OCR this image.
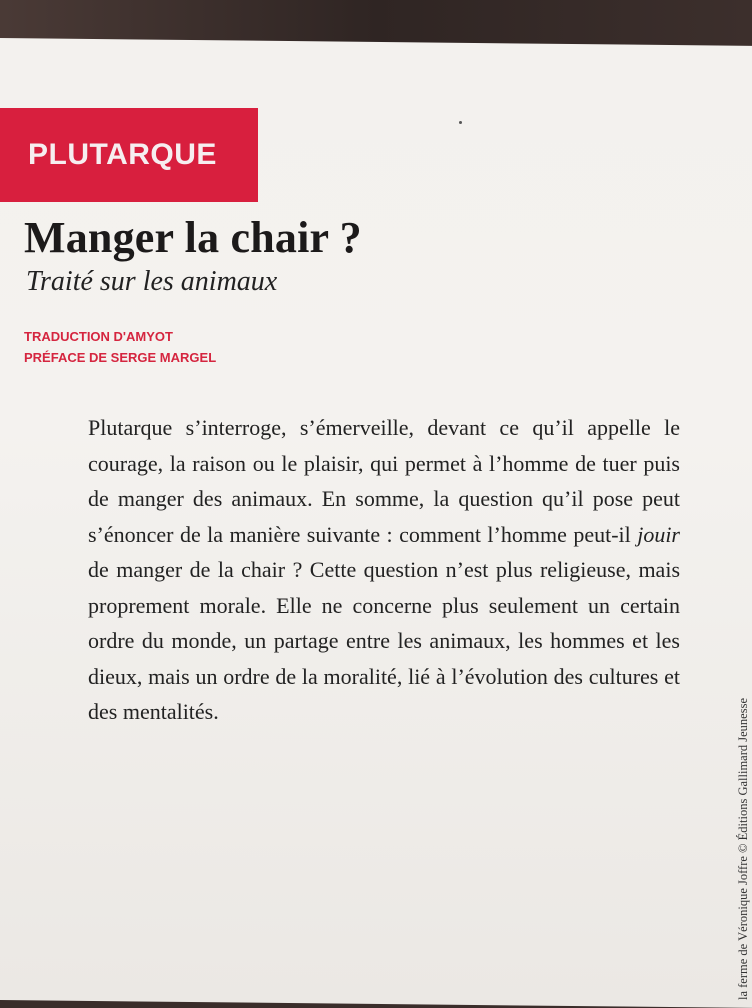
PLUTARQUE
Manger la chair ?
Traité sur les animaux
TRADUCTION D'AMYOT
PRÉFACE DE SERGE MARGEL

Plutarque s’interroge, s’émerveille, devant ce qu’il appelle le courage, la raison ou le plaisir, qui permet à l’homme de tuer puis de manger des animaux. En somme, la question qu’il pose peut s’énoncer de la manière suivante : comment l’homme peut-il jouir de manger de la chair ? Cette question n’est plus religieuse, mais proprement morale. Elle ne concerne plus seulement un certain ordre du monde, un partage entre les animaux, les hommes et les dieux, mais un ordre de la moralité, lié à l’évolution des cultures et des mentalités.	la ferme de Véronique Joffre © Éditions Gallimard Jeunesse
